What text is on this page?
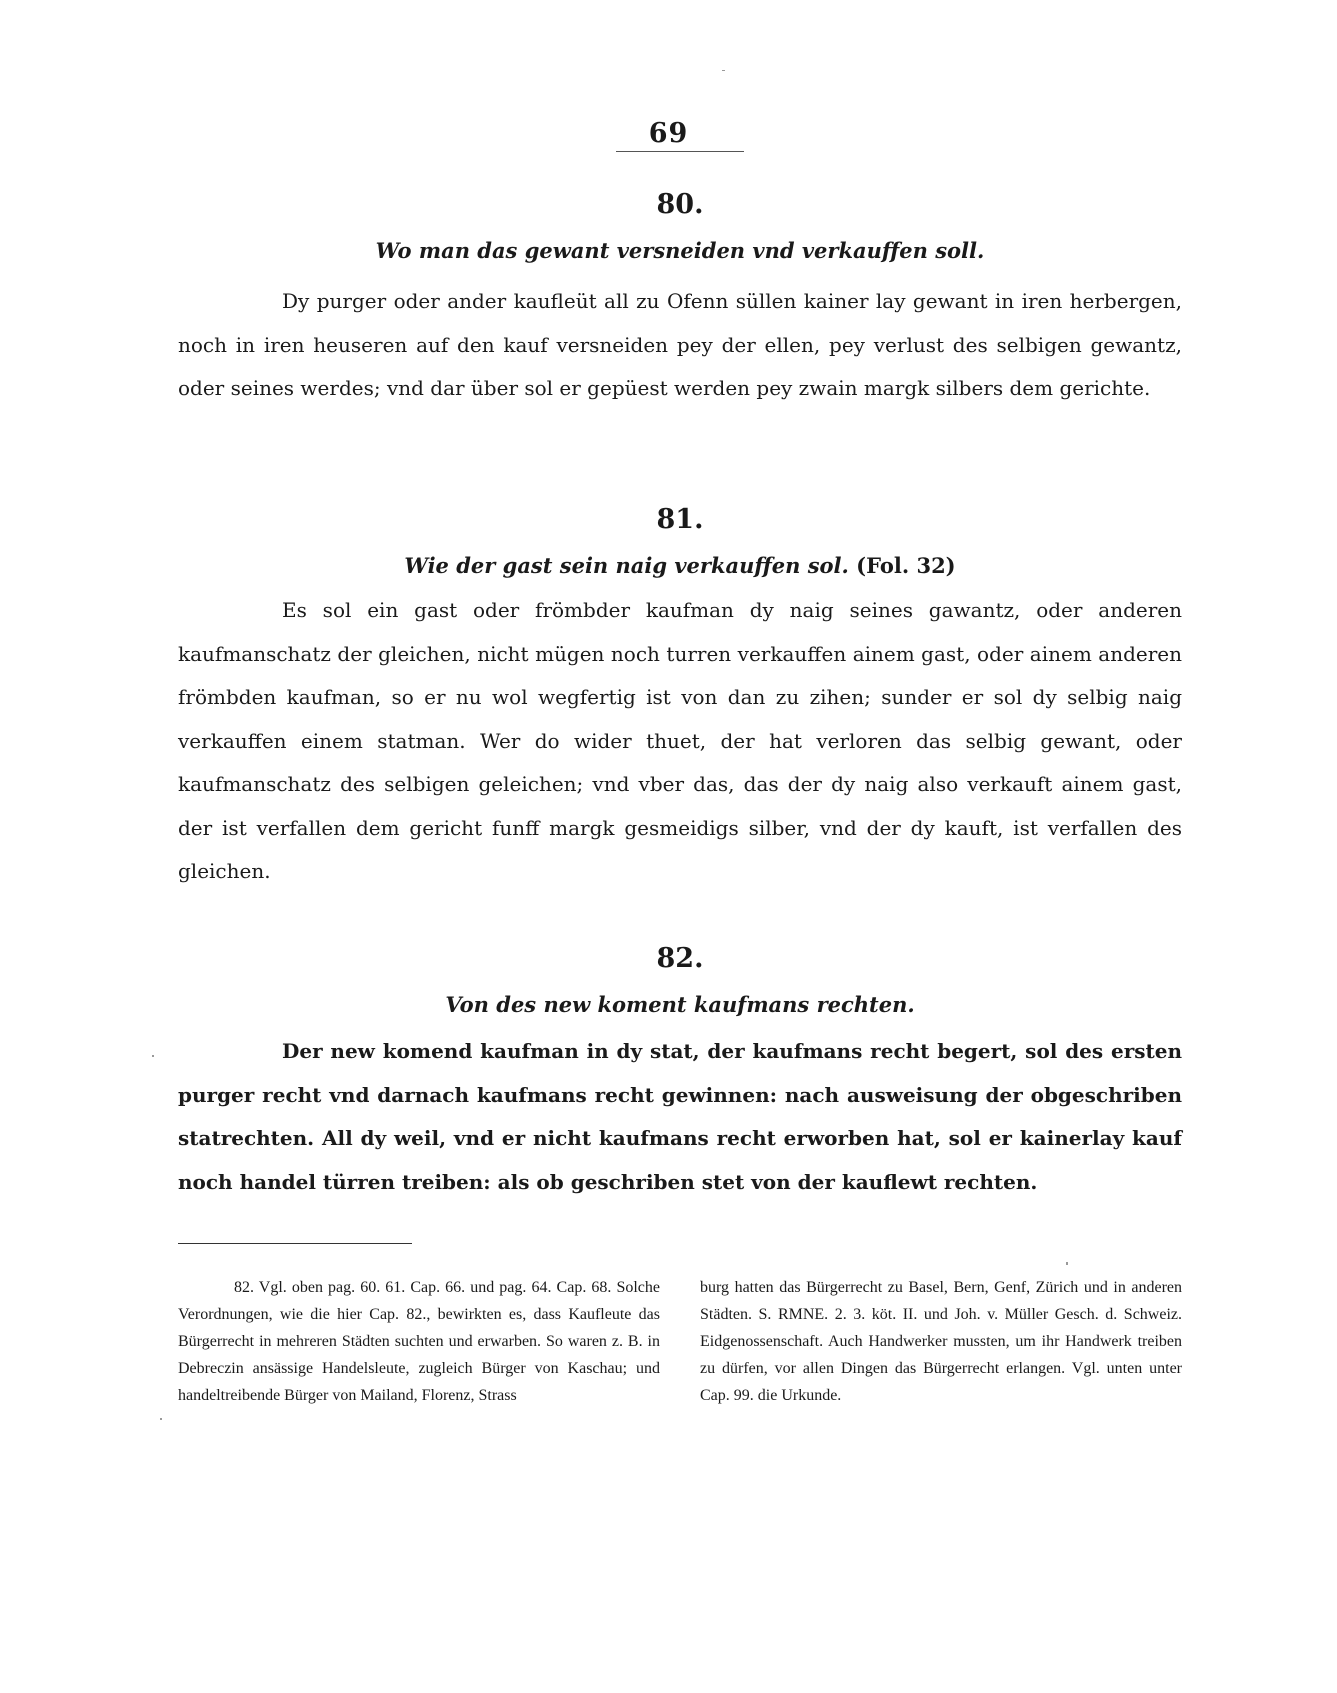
69

80.

Wo man das gewant versneiden vnd verkauffen soll.

Dy purger oder ander kaufleüt all zu Ofenn süllen kainer lay gewant in iren herbergen, noch in iren heuseren auf den kauf versneiden pey der ellen, pey verlust des selbigen gewantz, oder seines werdes; vnd dar über sol er gepüest werden pey zwain margk silbers dem gerichte.

81.

Wie der gast sein naig verkauffen sol. (Fol. 32)

Es sol ein gast oder frömbder kaufman dy naig seines gawantz, oder anderen kaufmanschatz der gleichen, nicht mügen noch turren verkauffen ainem gast, oder ainem anderen frömbden kaufman, so er nu wol wegfertig ist von dan zu zihen; sunder er sol dy selbig naig verkauffen einem statman. Wer do wider thuet, der hat verloren das selbig gewant, oder kaufmanschatz des selbigen geleichen; vnd vber das, das der dy naig also verkauft ainem gast, der ist verfallen dem gericht funff margk gesmeidigs silber, vnd der dy kauft, ist verfallen des gleichen.

82.

Von des new koment kaufmans rechten.

Der new komend kaufman in dy stat, der kaufmans recht begert, sol des ersten purger recht vnd darnach kaufmans recht gewinnen: nach ausweisung der obgeschriben statrechten. All dy weil, vnd er nicht kaufmans recht erworben hat, sol er kainerlay kauf noch handel türren treiben: als ob geschriben stet von der kauflewt rechten.

82. Vgl. oben pag. 60. 61. Cap. 66. und pag. 64. Cap. 68. Solche Verordnungen, wie die hier Cap. 82., bewirkten es, dass Kaufleute das Bürgerrecht in mehreren Städten suchten und erwarben. So waren z. B. in Debreczin ansässige Handelsleute, zugleich Bürger von Kaschau; und handeltreibende Bürger von Mailand, Florenz, Strass

burg hatten das Bürgerrecht zu Basel, Bern, Genf, Zürich und in anderen Städten. S. RMNE. 2. 3. köt. II. und Joh. v. Müller Gesch. d. Schweiz. Eidgenossenschaft. Auch Handwerker mussten, um ihr Handwerk treiben zu dürfen, vor allen Dingen das Bürgerrecht erlangen. Vgl. unten unter Cap. 99. die Urkunde.
